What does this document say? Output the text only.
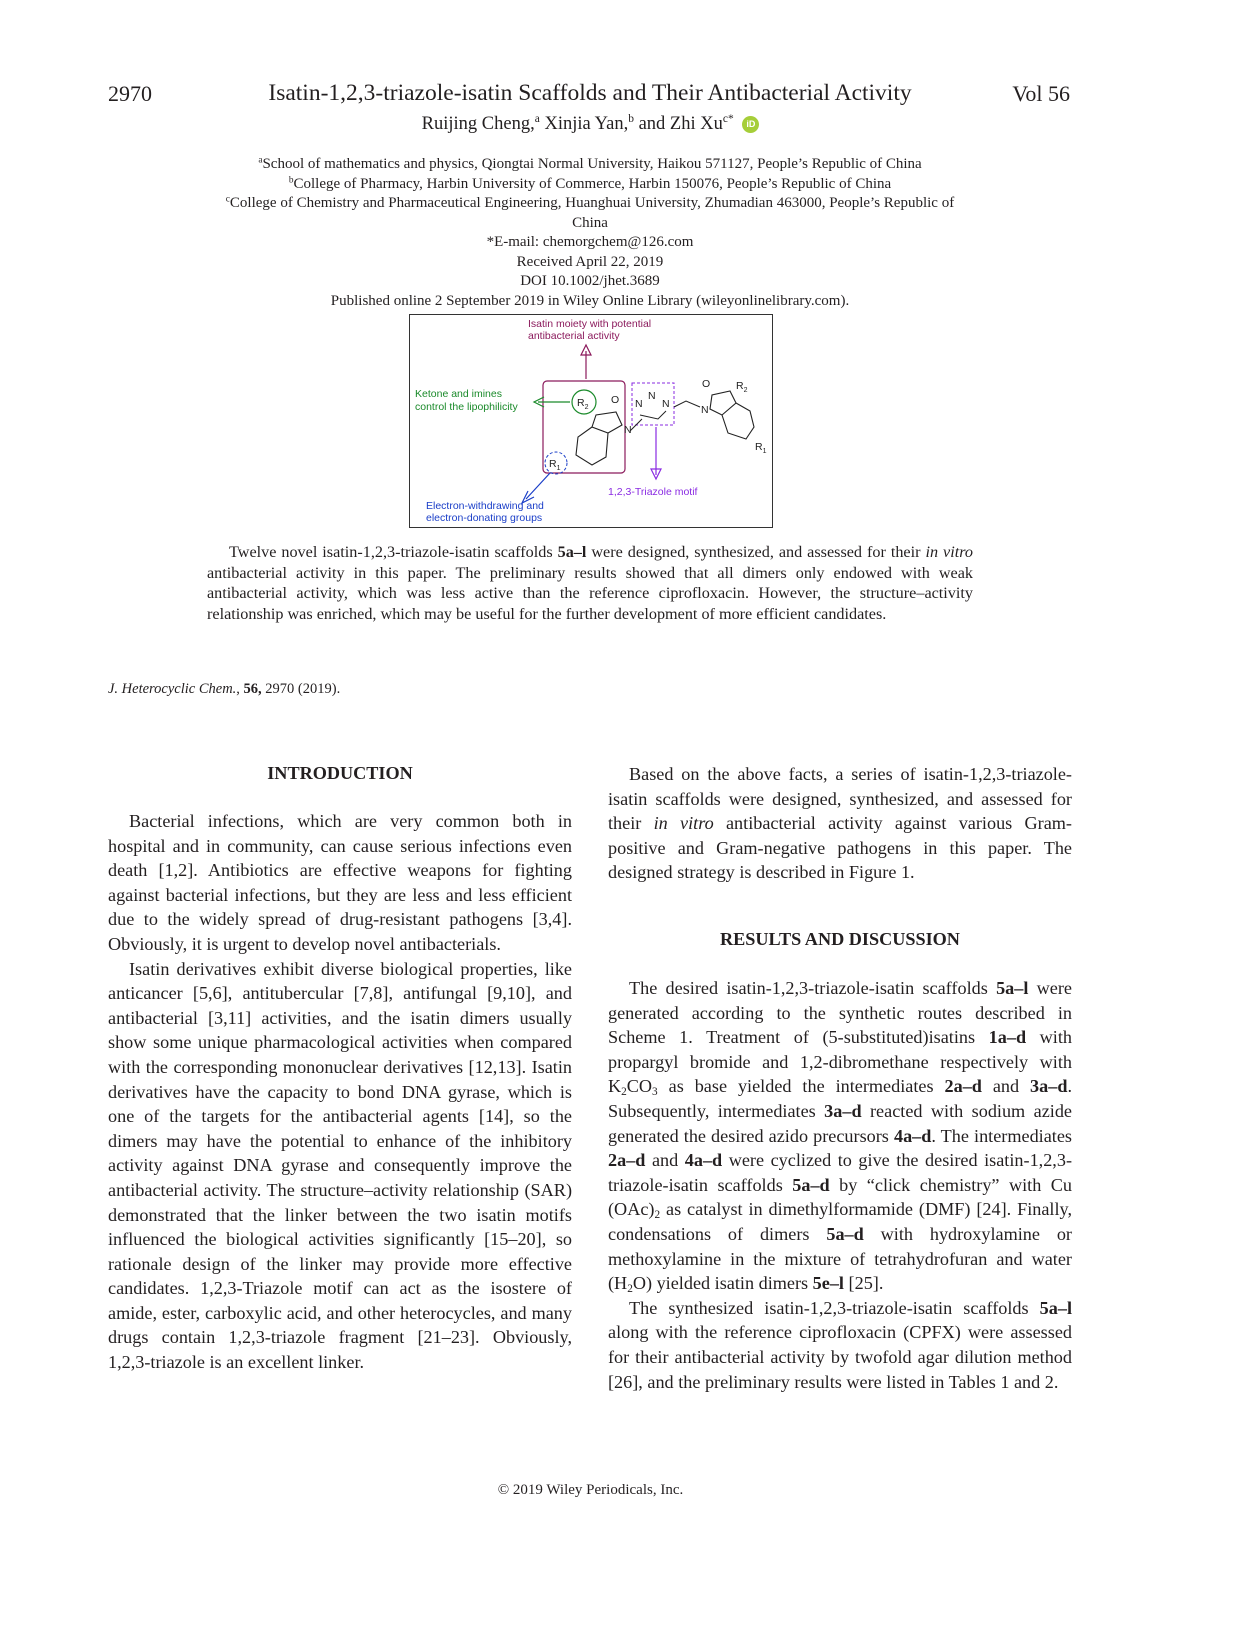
2970	Isatin-1,2,3-triazole-isatin Scaffolds and Their Antibacterial Activity	Vol 56
Ruijing Cheng,$^a$ Xinjia Yan,$^b$ and Zhi $Xu^{c*}$ iD
$^a$School of mathematics and physics, Qiongtai Normal University, Haikou 571127, People’s Republic of China
$^b$College of Pharmacy, Harbin University of Commerce, Harbin 150076, People’s Republic of China
$^c$College of Chemistry and Pharmaceutical Engineering, Huanghuai University, Zhumadian 463000, People’s Republic of
China
*E-mail: chemorgchem@126.com
Received April 22, 2019
DOI 10.1002/jhet.3689
Published online 2 September 2019 in Wiley Online Library (wileyonlinelibrary.com).
Isatin moiety with potential
antibacterial activity
Ketone and imines
control the lipophilicity	$R_2$
O
N
$R_1$
Electron-withdrawing and
electron-donating groups
N
N
N
1,2,3-Triazole motif
N
O $R_2$
$R_1$
Twelve novel isatin-1,2,3-triazole-isatin scaffolds 5a–l were designed, synthesized, and assessed for their in vitro antibacterial activity in this paper. The preliminary results showed that all dimers only endowed with weak antibacterial activity, which was less active than the reference ciprofloxacin. However, the structure–activity relationship was enriched, which may be useful for the further development of more efficient candidates.
J. Heterocyclic Chem., 56, 2970 (2019).
INTRODUCTION

Bacterial infections, which are very common both in hospital and in community, can cause serious infections even death [1,2]. Antibiotics are effective weapons for fighting against bacterial infections, but they are less and less efficient due to the widely spread of drug-resistant pathogens [3,4]. Obviously, it is urgent to develop novel antibacterials.

Isatin derivatives exhibit diverse biological properties, like anticancer [5,6], antitubercular [7,8], antifungal [9,10], and antibacterial [3,11] activities, and the isatin dimers usually show some unique pharmacological activities when compared with the corresponding mononuclear derivatives [12,13]. Isatin derivatives have the capacity to bond DNA gyrase, which is one of the targets for the antibacterial agents [14], so the dimers may have the potential to enhance of the inhibitory activity against DNA gyrase and consequently improve the antibacterial activity. The structure–activity relationship (SAR) demonstrated that the linker between the two isatin motifs influenced the biological activities significantly [15–20], so rationale design of the linker may provide more effective candidates. 1,2,3-Triazole motif can act as the isostere of amide, ester, carboxylic acid, and other heterocycles, and many drugs contain 1,2,3-triazole fragment [21–23]. Obviously, 1,2,3-triazole is an excellent linker.

Based on the above facts, a series of isatin-1,2,3-triazole-isatin scaffolds were designed, synthesized, and assessed for their in vitro antibacterial activity against various Gram-positive and Gram-negative pathogens in this paper. The designed strategy is described in Figure 1.

RESULTS AND DISCUSSION

The desired isatin-1,2,3-triazole-isatin scaffolds 5a–l were generated according to the synthetic routes described in Scheme 1. Treatment of (5-substituted)isatins 1a–d with propargyl bromide and 1,2-dibromethane respectively with $K_2CO_3$ as base yielded the intermediates 2a–d and 3a–d. Subsequently, intermediates 3a–d reacted with sodium azide generated the desired azido precursors 4a–d. The intermediates 2a–d and 4a–d were cyclized to give the desired isatin-1,2,3-triazole-isatin scaffolds 5a–d by “click chemistry” with Cu $(OAc)_2$ as catalyst in dimethylformamide (DMF) [24]. Finally, condensations of dimers 5a–d with hydroxylamine or methoxylamine in the mixture of tetrahydrofuran and water $(H_2O)$ yielded isatin dimers 5e–l [25].

The synthesized isatin-1,2,3-triazole-isatin scaffolds 5a–l along with the reference ciprofloxacin (CPFX) were assessed for their antibacterial activity by twofold agar dilution method [26], and the preliminary results were listed in Tables 1 and 2.

© 2019 Wiley Periodicals, Inc.
